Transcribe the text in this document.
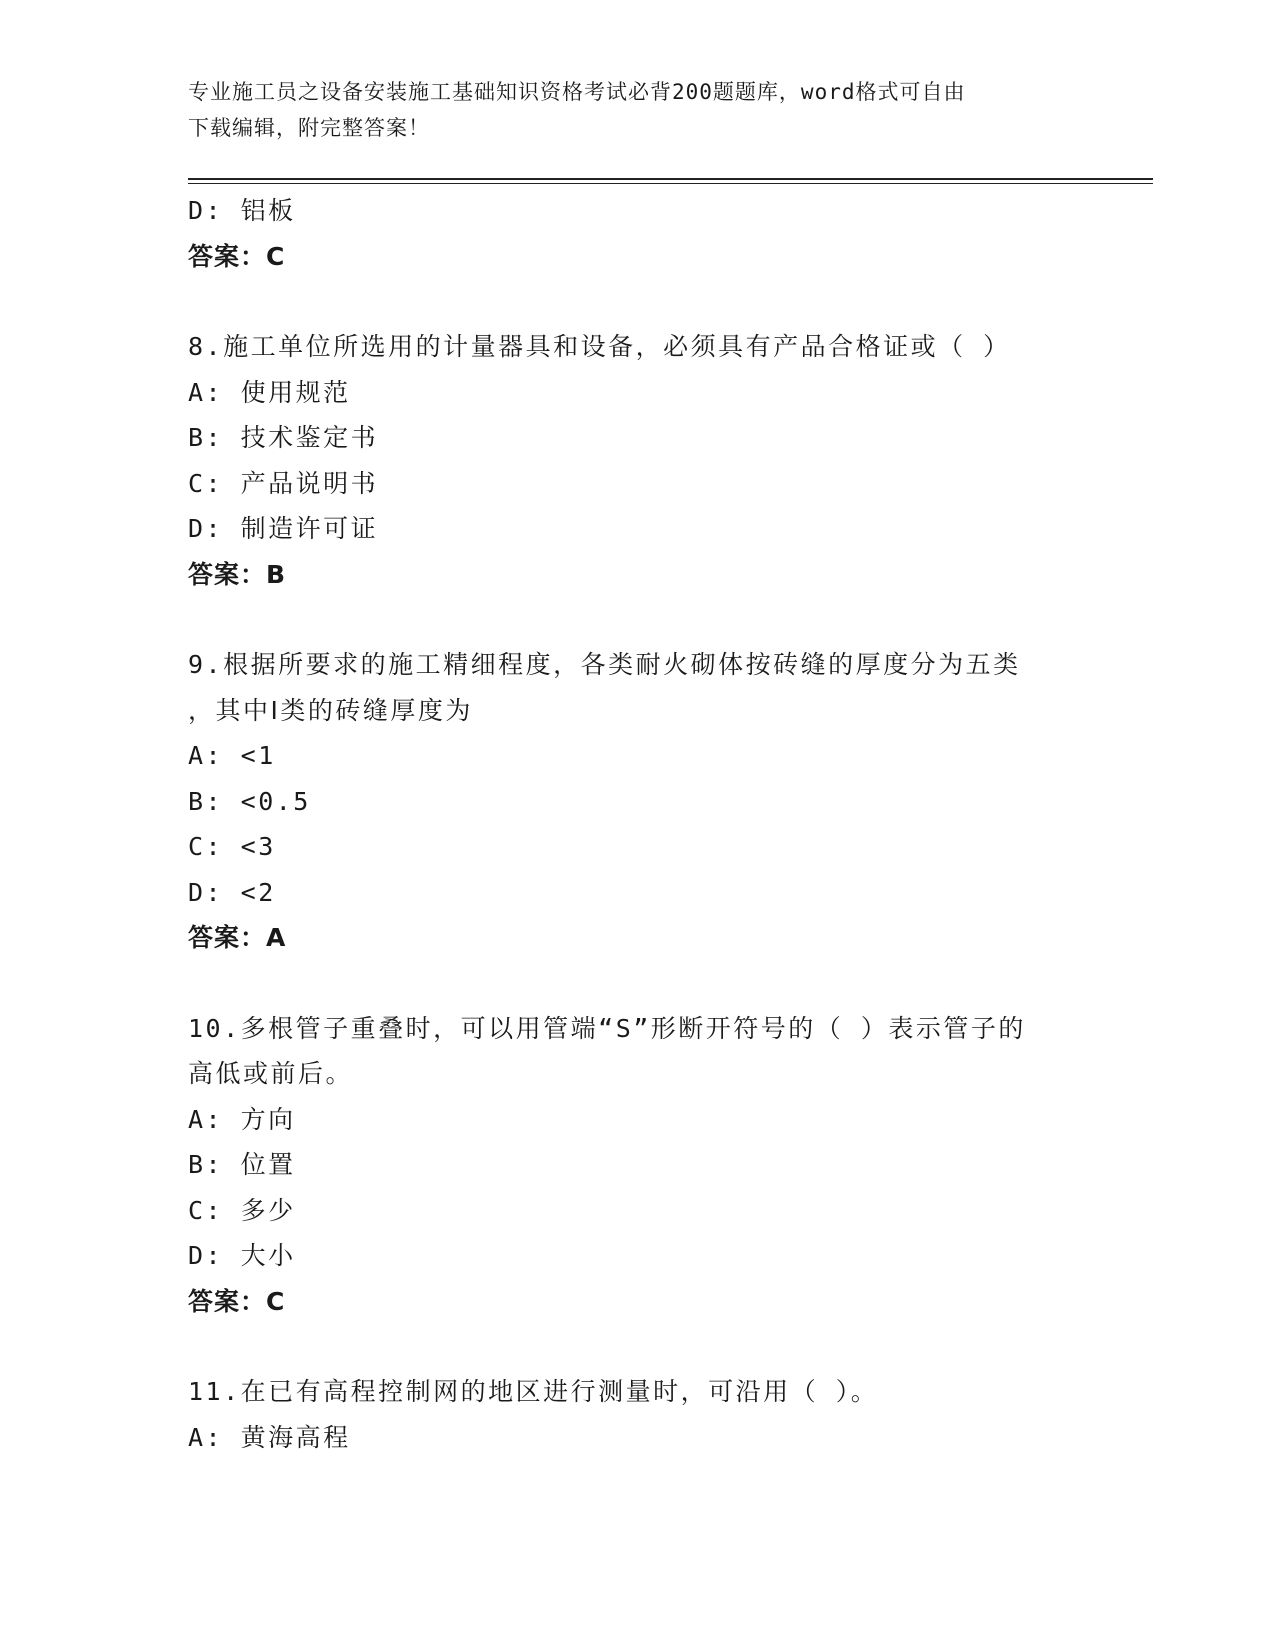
专业施工员之设备安装施工基础知识资格考试必背200题题库，word格式可自由
下载编辑，附完整答案！
D: 铝板
答案：C
8.施工单位所选用的计量器具和设备，必须具有产品合格证或（ ）
A: 使用规范
B: 技术鉴定书
C: 产品说明书
D: 制造许可证
答案：B
9.根据所要求的施工精细程度，各类耐火砌体按砖缝的厚度分为五类
，其中Ⅰ类的砖缝厚度为
A: <1
B: <0.5
C: <3
D: <2
答案：A
10.多根管子重叠时，可以用管端“S”形断开符号的（ ）表示管子的
高低或前后。
A: 方向
B: 位置
C: 多少
D: 大小
答案：C
11.在已有高程控制网的地区进行测量时，可沿用（ ）。
A: 黄海高程
